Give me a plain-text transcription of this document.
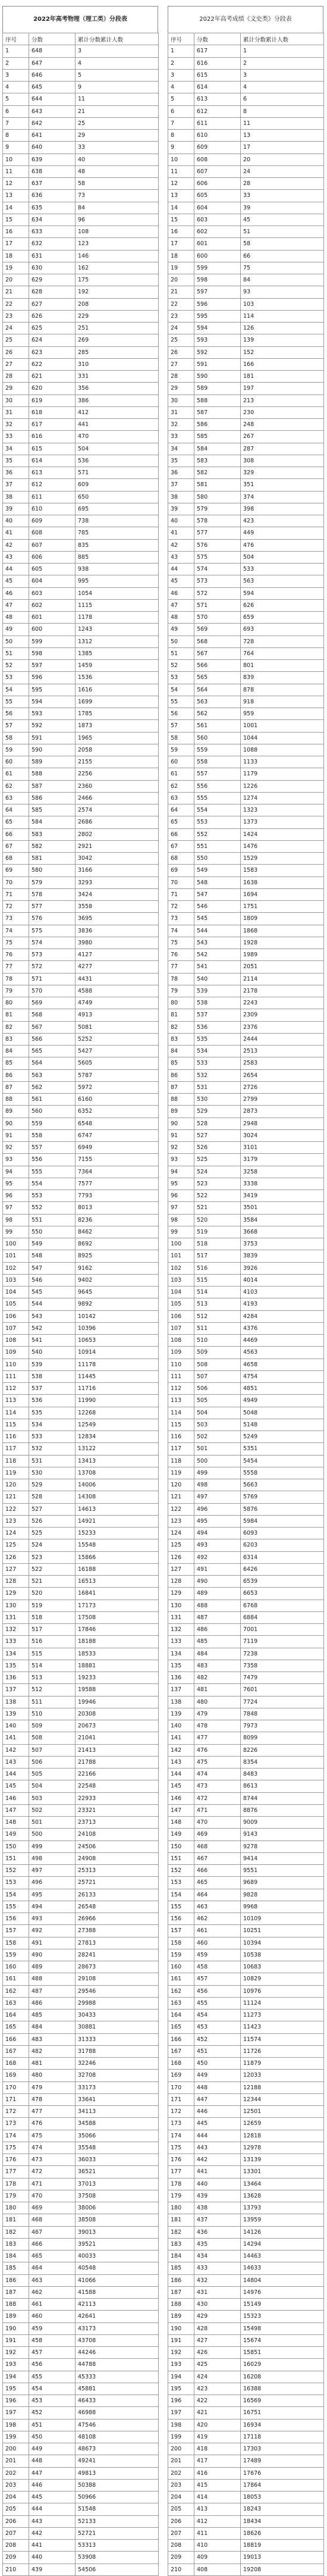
2022年高考物理（理工类）分段表
序号	分数	累计分数累计人数
1	648	3
2	647	4
3	646	5
4	645	9
5	644	11
6	643	21
7	642	25
8	641	29
9	640	33
10	639	40
11	638	48
12	637	58
13	636	73
14	635	84
15	634	96
16	633	108
17	632	123
18	631	146
19	630	162
20	629	175
21	628	192
22	627	208
23	626	229
24	625	251
25	624	269
26	623	285
27	622	310
28	621	331
29	620	356
30	619	386
31	618	412
32	617	441
33	616	470
34	615	504
35	614	536
36	613	571
37	612	609
38	611	650
39	610	695
40	609	738
41	608	785
42	607	835
43	606	885
44	605	938
45	604	995
46	603	1054
47	602	1115
48	601	1178
49	600	1243
50	599	1312
51	598	1385
52	597	1459
53	596	1536
54	595	1616
55	594	1699
56	593	1785
57	592	1873
58	591	1965
59	590	2058
60	589	2155
61	588	2256
62	587	2360
63	586	2466
64	585	2574
65	584	2686
66	583	2802
67	582	2921
68	581	3042
69	580	3166
70	579	3293
71	578	3424
72	577	3558
73	576	3695
74	575	3836
75	574	3980
76	573	4127
77	572	4277
78	571	4431
79	570	4588
80	569	4749
81	568	4913
82	567	5081
83	566	5252
84	565	5427
85	564	5605
86	563	5787
87	562	5972
88	561	6160
89	560	6352
90	559	6548
91	558	6747
92	557	6949
93	556	7155
94	555	7364
95	554	7577
96	553	7793
97	552	8013
98	551	8236
99	550	8462
100	549	8692
101	548	8925
102	547	9162
103	546	9402
104	545	9645
105	544	9892
106	543	10142
107	542	10396
108	541	10653
109	540	10914
110	539	11178
111	538	11445
112	537	11716
113	536	11990
114	535	12268
115	534	12549
116	533	12834
117	532	13122
118	531	13413
119	530	13708
120	529	14006
121	528	14308
122	527	14613
123	526	14921
124	525	15233
125	524	15548
126	523	15866
127	522	16188
128	521	16513
129	520	16841
130	519	17173
131	518	17508
132	517	17846
133	516	18188
134	515	18533
135	514	18881
136	513	19233
137	512	19588
138	511	19946
139	510	20308
140	509	20673
141	508	21041
142	507	21413
143	506	21788
144	505	22166
145	504	22548
146	503	22933
147	502	23321
148	501	23713
149	500	24108
150	499	24506
151	498	24908
152	497	25313
153	496	25721
154	495	26133
155	494	26548
156	493	26966
157	492	27388
158	491	27813
159	490	28241
160	489	28673
161	488	29108
162	487	29546
163	486	29988
164	485	30433
165	484	30881
166	483	31333
167	482	31788
168	481	32246
169	480	32708
170	479	33173
171	478	33641
172	477	34113
173	476	34588
174	475	35066
175	474	35548
176	473	36033
177	472	36521
178	471	37013
179	470	37508
180	469	38006
181	468	38508
182	467	39013
183	466	39521
184	465	40033
185	464	40548
186	463	41066
187	462	41588
188	461	42113
189	460	42641
190	459	43173
191	458	43708
192	457	44246
193	456	44788
194	455	45333
195	454	45881
196	453	46433
197	452	46988
198	451	47546
199	450	48108
200	449	48673
201	448	49241
202	447	49813
203	446	50388
204	445	50966
205	444	51548
206	443	52133
207	442	52721
208	441	53313
209	440	53908
210	439	54506
2022年高考成绩《文史类》分段表
序号	分数	累计分数累计人数
1	617	1
2	616	2
3	615	3
4	614	4
5	613	6
6	612	8
7	611	11
8	610	13
9	609	17
10	608	20
11	607	24
12	606	28
13	605	33
14	604	39
15	603	45
16	602	51
17	601	58
18	600	66
19	599	75
20	598	84
21	597	93
22	596	103
23	595	114
24	594	126
25	593	139
26	592	152
27	591	166
28	590	181
29	589	197
30	588	213
31	587	230
32	586	248
33	585	267
34	584	287
35	583	308
36	582	329
37	581	351
38	580	374
39	579	398
40	578	423
41	577	449
42	576	476
43	575	504
44	574	533
45	573	563
46	572	594
47	571	626
48	570	659
49	569	693
50	568	728
51	567	764
52	566	801
53	565	839
54	564	878
55	563	918
56	562	959
57	561	1001
58	560	1044
59	559	1088
60	558	1133
61	557	1179
62	556	1226
63	555	1274
64	554	1323
65	553	1373
66	552	1424
67	551	1476
68	550	1529
69	549	1583
70	548	1638
71	547	1694
72	546	1751
73	545	1809
74	544	1868
75	543	1928
76	542	1989
77	541	2051
78	540	2114
79	539	2178
80	538	2243
81	537	2309
82	536	2376
83	535	2444
84	534	2513
85	533	2583
86	532	2654
87	531	2726
88	530	2799
89	529	2873
90	528	2948
91	527	3024
92	526	3101
93	525	3179
94	524	3258
95	523	3338
96	522	3419
97	521	3501
98	520	3584
99	519	3668
100	518	3753
101	517	3839
102	516	3926
103	515	4014
104	514	4103
105	513	4193
106	512	4284
107	511	4376
108	510	4469
109	509	4563
110	508	4658
111	507	4754
112	506	4851
113	505	4949
114	504	5048
115	503	5148
116	502	5249
117	501	5351
118	500	5454
119	499	5558
120	498	5663
121	497	5769
122	496	5876
123	495	5984
124	494	6093
125	493	6203
126	492	6314
127	491	6426
128	490	6539
129	489	6653
130	488	6768
131	487	6884
132	486	7001
133	485	7119
134	484	7238
135	483	7358
136	482	7479
137	481	7601
138	480	7724
139	479	7848
140	478	7973
141	477	8099
142	476	8226
143	475	8354
144	474	8483
145	473	8613
146	472	8744
147	471	8876
148	470	9009
149	469	9143
150	468	9278
151	467	9414
152	466	9551
153	465	9689
154	464	9828
155	463	9968
156	462	10109
157	461	10251
158	460	10394
159	459	10538
160	458	10683
161	457	10829
162	456	10976
163	455	11124
164	454	11273
165	453	11423
166	452	11574
167	451	11726
168	450	11879
169	449	12033
170	448	12188
171	447	12344
172	446	12501
173	445	12659
174	444	12818
175	443	12978
176	442	13139
177	441	13301
178	440	13464
179	439	13628
180	438	13793
181	437	13959
182	436	14126
183	435	14294
184	434	14463
185	433	14633
186	432	14804
187	431	14976
188	430	15149
189	429	15323
190	428	15498
191	427	15674
192	426	15851
193	425	16029
194	424	16208
195	423	16388
196	422	16569
197	421	16751
198	420	16934
199	419	17118
200	418	17303
201	417	17489
202	416	17676
203	415	17864
204	414	18053
205	413	18243
206	412	18434
207	411	18626
208	410	18819
209	409	19013
210	408	19208
